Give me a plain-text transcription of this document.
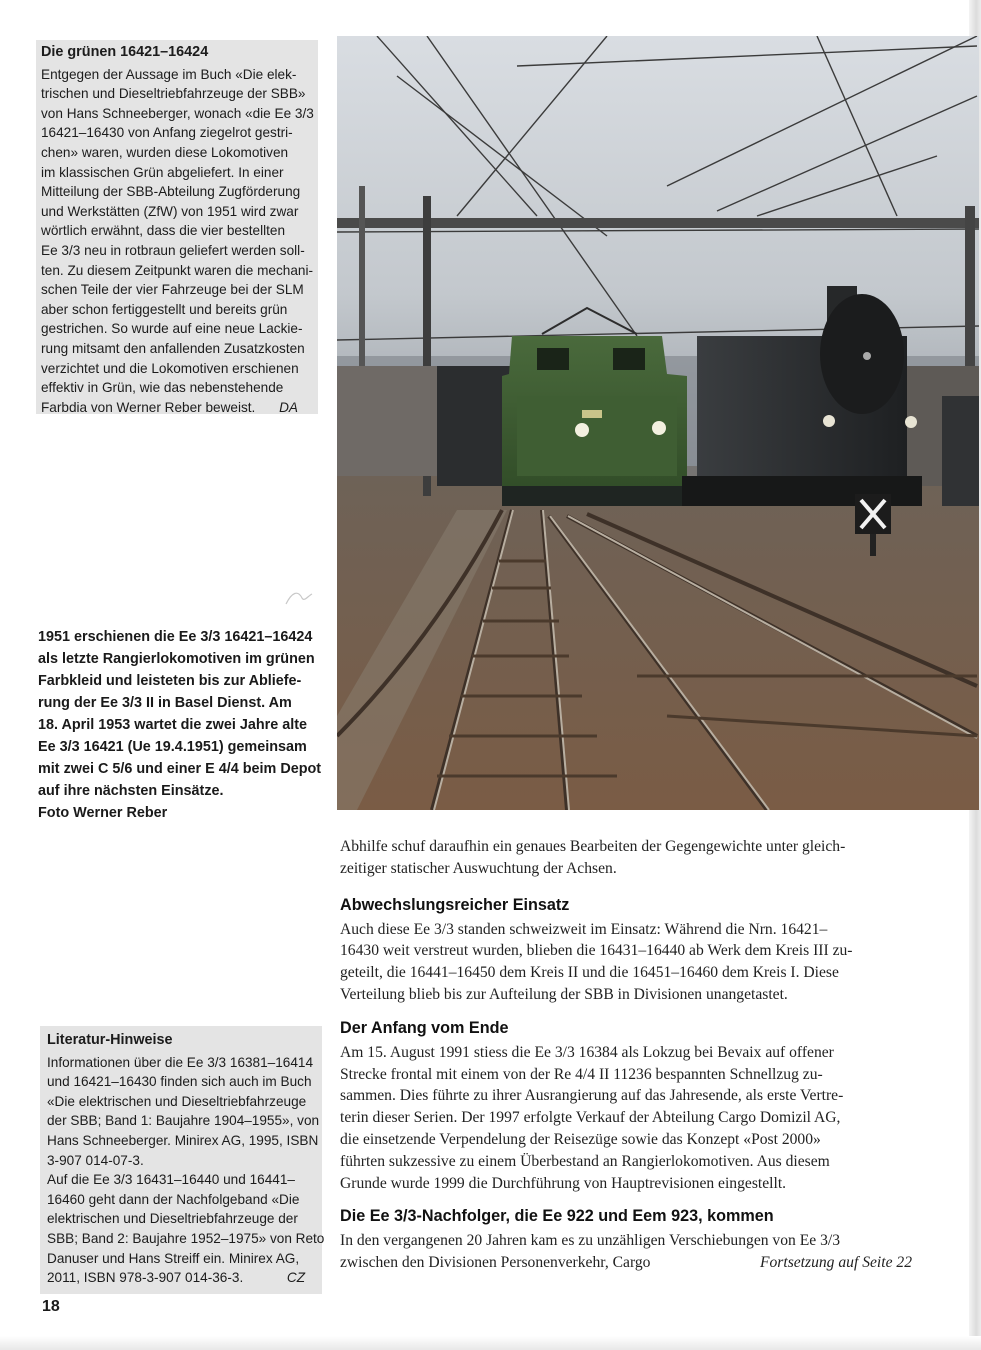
Die grünen 16421–16424
Entgegen der Aussage im Buch «Die elek-
trischen und Dieseltriebfahrzeuge der SBB»
von Hans Schneeberger, wonach «die Ee 3/3
16421–16430 von Anfang ziegelrot gestri-
chen» waren, wurden diese Lokomotiven
im klassischen Grün abgeliefert. In einer
Mitteilung der SBB-Abteilung Zugförderung
und Werkstätten (ZfW) von 1951 wird zwar
wörtlich erwähnt, dass die vier bestellten
Ee 3/3 neu in rotbraun geliefert werden soll-
ten. Zu diesem Zeitpunkt waren die mechani-
schen Teile der vier Fahrzeuge bei der SLM
aber schon fertiggestellt und bereits grün
gestrichen. So wurde auf eine neue Lackie-
rung mitsamt den anfallenden Zusatzkosten
verzichtet und die Lokomotiven erschienen
effektiv in Grün, wie das nebenstehende
Farbdia von Werner Reber beweist. DA
1951 erschienen die Ee 3/3 16421–16424
als letzte Rangierlokomotiven im grünen
Farbkleid und leisteten bis zur Abliefe-
rung der Ee 3/3 II in Basel Dienst. Am
18. April 1953 wartet die zwei Jahre alte
Ee 3/3 16421 (Ue 19.4.1951) gemeinsam
mit zwei C 5/6 und einer E 4/4 beim Depot
auf ihre nächsten Einsätze.
Foto Werner Reber
Literatur-Hinweise
Informationen über die Ee 3/3 16381–16414
und 16421–16430 finden sich auch im Buch
«Die elektrischen und Dieseltriebfahrzeuge
der SBB; Band 1: Baujahre 1904–1955», von
Hans Schneeberger. Minirex AG, 1995, ISBN
3-907 014-07-3.
Auf die Ee 3/3 16431–16440 und 16441–
16460 geht dann der Nachfolgeband «Die
elektrischen und Dieseltriebfahrzeuge der
SBB; Band 2: Baujahre 1952–1975» von Reto
Danuser und Hans Streiff ein. Minirex AG,
2011, ISBN 978-3-907 014-36-3.	CZ
Abhilfe schuf daraufhin ein genaues Bearbeiten der Gegengewichte unter gleich-
zeitiger statischer Auswuchtung der Achsen.
Abwechslungsreicher Einsatz
Auch diese Ee 3/3 standen schweizweit im Einsatz: Während die Nrn. 16421–
16430 weit verstreut wurden, blieben die 16431–16440 ab Werk dem Kreis III zu-
geteilt, die 16441–16450 dem Kreis II und die 16451–16460 dem Kreis I. Diese
Verteilung blieb bis zur Aufteilung der SBB in Divisionen unangetastet.
Der Anfang vom Ende
Am 15. August 1991 stiess die Ee 3/3 16384 als Lokzug bei Bevaix auf offener
Strecke frontal mit einem von der Re 4/4 II 11236 bespannten Schnellzug zu-
sammen. Dies führte zu ihrer Ausrangierung auf das Jahresende, als erste Vertre-
terin dieser Serien. Der 1997 erfolgte Verkauf der Abteilung Cargo Domizil AG,
die einsetzende Verpendelung der Reisezüge sowie das Konzept «Post 2000»
führten sukzessive zu einem Überbestand an Rangierlokomotiven. Aus diesem
Grunde wurde 1999 die Durchführung von Hauptrevisionen eingestellt.
Die Ee 3/3-Nachfolger, die Ee 922 und Eem 923, kommen
In den vergangenen 20 Jahren kam es zu unzähligen Verschiebungen von Ee 3/3
zwischen den Divisionen Personenverkehr, Cargo	Fortsetzung auf Seite 22
18
